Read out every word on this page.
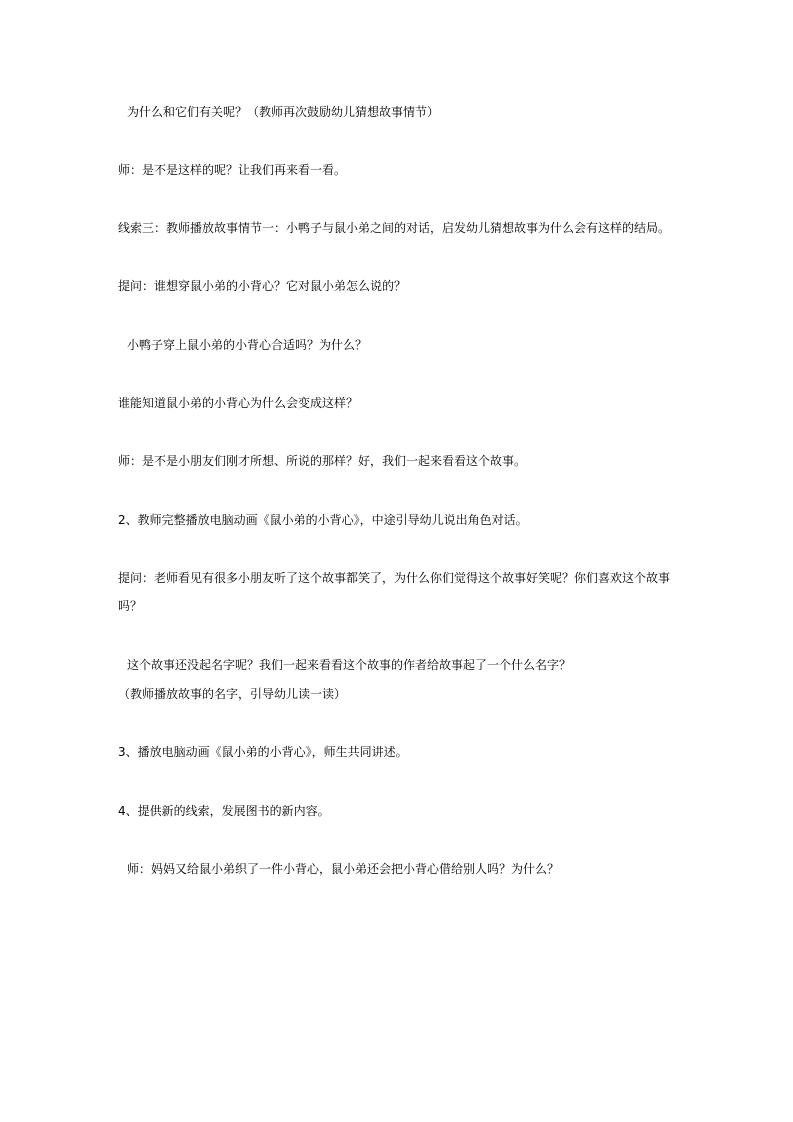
为什么和它们有关呢？（教师再次鼓励幼儿猜想故事情节）
师：是不是这样的呢？让我们再来看一看。
线索三：教师播放故事情节一：小鸭子与鼠小弟之间的对话，启发幼儿猜想故事为什么会有这样的结局。
提问：谁想穿鼠小弟的小背心？它对鼠小弟怎么说的？
小鸭子穿上鼠小弟的小背心合适吗？为什么？
谁能知道鼠小弟的小背心为什么会变成这样？
师：是不是小朋友们刚才所想、所说的那样？好，我们一起来看看这个故事。
2、教师完整播放电脑动画《鼠小弟的小背心》，中途引导幼儿说出角色对话。
提问：老师看见有很多小朋友听了这个故事都笑了，为什么你们觉得这个故事好笑呢？你们喜欢这个故事
吗？
这个故事还没起名字呢？我们一起来看看这个故事的作者给故事起了一个什么名字？
（教师播放故事的名字，引导幼儿读一读）
3、播放电脑动画《鼠小弟的小背心》，师生共同讲述。
4、提供新的线索，发展图书的新内容。
师：妈妈又给鼠小弟织了一件小背心，鼠小弟还会把小背心借给别人吗？为什么？
